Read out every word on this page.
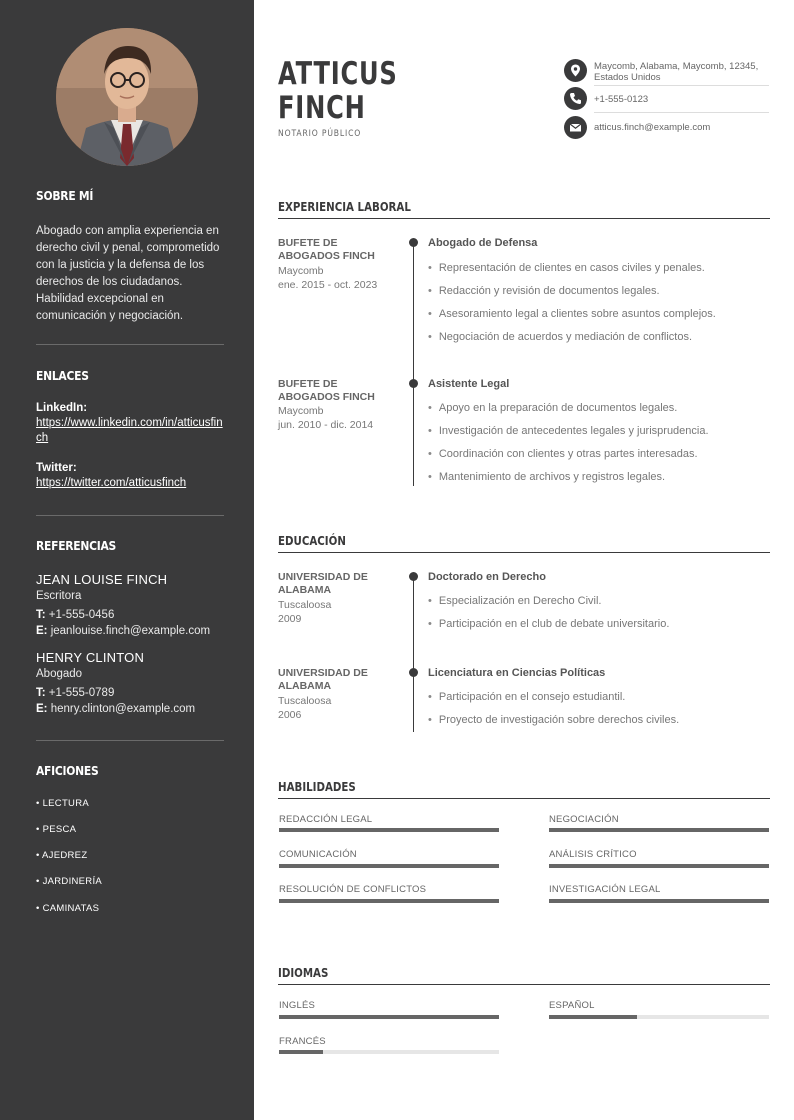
SOBRE MÍ
Abogado con amplia experiencia en derecho civil y penal, comprometido con la justicia y la defensa de los derechos de los ciudadanos. Habilidad excepcional en comunicación y negociación.
ENLACES
LinkedIn:
https://www.linkedin.com/in/atticusfinch
Twitter:
https://twitter.com/atticusfinch
REFERENCIAS
JEAN LOUISE FINCH
Escritora
T: +1-555-0456
E: jeanlouise.finch@example.com
HENRY CLINTON
Abogado
T: +1-555-0789
E: henry.clinton@example.com
AFICIONES
• LECTURA
• PESCA
• AJEDREZ
• JARDINERÍA
• CAMINATAS
ATTICUS
FINCH
NOTARIO PÚBLICO
Maycomb, Alabama, Maycomb, 12345, Estados Unidos
+1-555-0123
atticus.finch@example.com
EXPERIENCIA LABORAL
BUFETE DE ABOGADOS FINCH
Maycomb
ene. 2015 - oct. 2023
Abogado de Defensa
• Representación de clientes en casos civiles y penales.
• Redacción y revisión de documentos legales.
• Asesoramiento legal a clientes sobre asuntos complejos.
• Negociación de acuerdos y mediación de conflictos.
BUFETE DE ABOGADOS FINCH
Maycomb
jun. 2010 - dic. 2014
Asistente Legal
• Apoyo en la preparación de documentos legales.
• Investigación de antecedentes legales y jurisprudencia.
• Coordinación con clientes y otras partes interesadas.
• Mantenimiento de archivos y registros legales.
EDUCACIÓN
UNIVERSIDAD DE ALABAMA
Tuscaloosa
2009
Doctorado en Derecho
• Especialización en Derecho Civil.
• Participación en el club de debate universitario.
UNIVERSIDAD DE ALABAMA
Tuscaloosa
2006
Licenciatura en Ciencias Políticas
• Participación en el consejo estudiantil.
• Proyecto de investigación sobre derechos civiles.
HABILIDADES
REDACCIÓN LEGAL	NEGOCIACIÓN
COMUNICACIÓN	ANÁLISIS CRÍTICO
RESOLUCIÓN DE CONFLICTOS	INVESTIGACIÓN LEGAL
IDIOMAS
INGLÉS	ESPAÑOL
FRANCÉS
